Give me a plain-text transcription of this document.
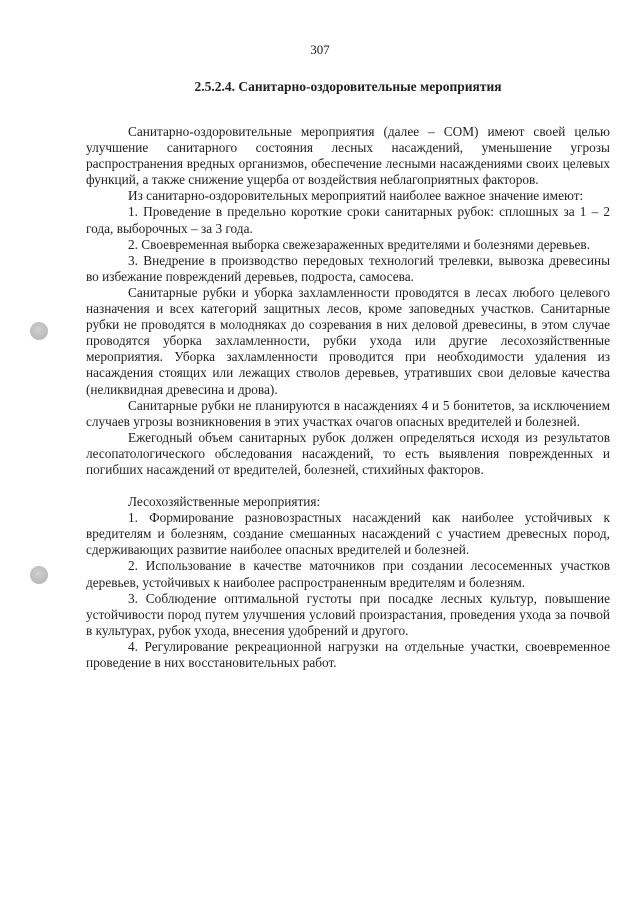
307
2.5.2.4. Санитарно-оздоровительные мероприятия

Санитарно-оздоровительные мероприятия (далее – СОМ) имеют своей целью улучшение санитарного состояния лесных насаждений, уменьшение угрозы распространения вредных организмов, обеспечение лесными насаждениями своих целевых функций, а также снижение ущерба от воздействия неблагоприятных факторов.

Из санитарно-оздоровительных мероприятий наиболее важное значение имеют:

1. Проведение в предельно короткие сроки санитарных рубок: сплошных за 1 – 2 года, выборочных – за 3 года.

2. Своевременная выборка свежезараженных вредителями и болезнями деревьев.

3. Внедрение в производство передовых технологий трелевки, вывозка древесины во избежание повреждений деревьев, подроста, самосева.

Санитарные рубки и уборка захламленности проводятся в лесах любого целевого назначения и всех категорий защитных лесов, кроме заповедных участков. Санитарные рубки не проводятся в молодняках до созревания в них деловой древесины, в этом случае проводятся уборка захламленности, рубки ухода или другие лесохозяйственные мероприятия. Уборка захламленности проводится при необходимости удаления из насаждения стоящих или лежащих стволов деревьев, утративших свои деловые качества (неликвидная древесина и дрова).

Санитарные рубки не планируются в насаждениях 4 и 5 бонитетов, за исключением случаев угрозы возникновения в этих участках очагов опасных вредителей и болезней.

Ежегодный объем санитарных рубок должен определяться исходя из результатов лесопатологического обследования насаждений, то есть выявления поврежденных и погибших насаждений от вредителей, болезней, стихийных факторов.

Лесохозяйственные мероприятия:

1. Формирование разновозрастных насаждений как наиболее устойчивых к вредителям и болезням, создание смешанных насаждений с участием древесных пород, сдерживающих развитие наиболее опасных вредителей и болезней.

2. Использование в качестве маточников при создании лесосеменных участков деревьев, устойчивых к наиболее распространенным вредителям и болезням.

3. Соблюдение оптимальной густоты при посадке лесных культур, повышение устойчивости пород путем улучшения условий произрастания, проведения ухода за почвой в культурах, рубок ухода, внесения удобрений и другого.

4. Регулирование рекреационной нагрузки на отдельные участки, своевременное проведение в них восстановительных работ.
